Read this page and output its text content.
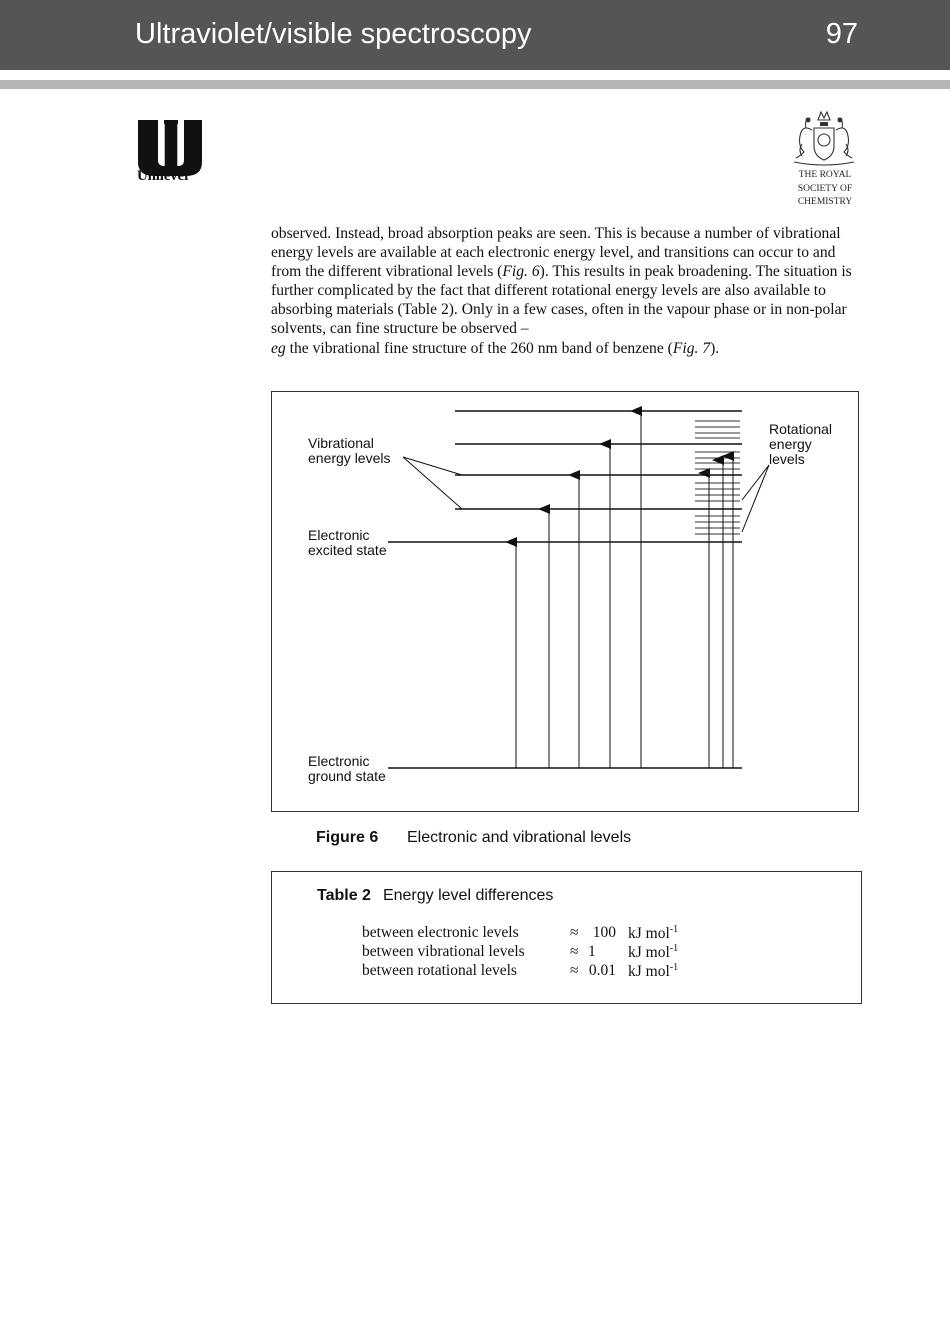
Ultraviolet/visible spectroscopy	97
Unilever	THE ROYAL
SOCIETY OF
CHEMISTRY

observed. Instead, broad absorption peaks are seen. This is because a number of vibrational energy levels are available at each electronic energy level, and transitions can occur to and from the different vibrational levels (Fig. 6). This results in peak broadening. The situation is further complicated by the fact that different rotational energy levels are also available to absorbing materials (Table 2). Only in a few cases, often in the vapour phase or in non-polar solvents, can fine structure be observed –
eg the vibrational fine structure of the 260 nm band of benzene (Fig. 7).

Vibrational
energy levels
Electronic
excited state
Electronic
ground state
Rotational
energy
levels
Figure 6 Electronic and vibrational levels
Table 2 Energy level differences
between electronic levels	≈ 100 kJ mol$^{-1}$
between vibrational levels	≈ 1	kJ mol$^{-1}$
between rotational levels	≈ 0.01 kJ mol$^{-1}$
